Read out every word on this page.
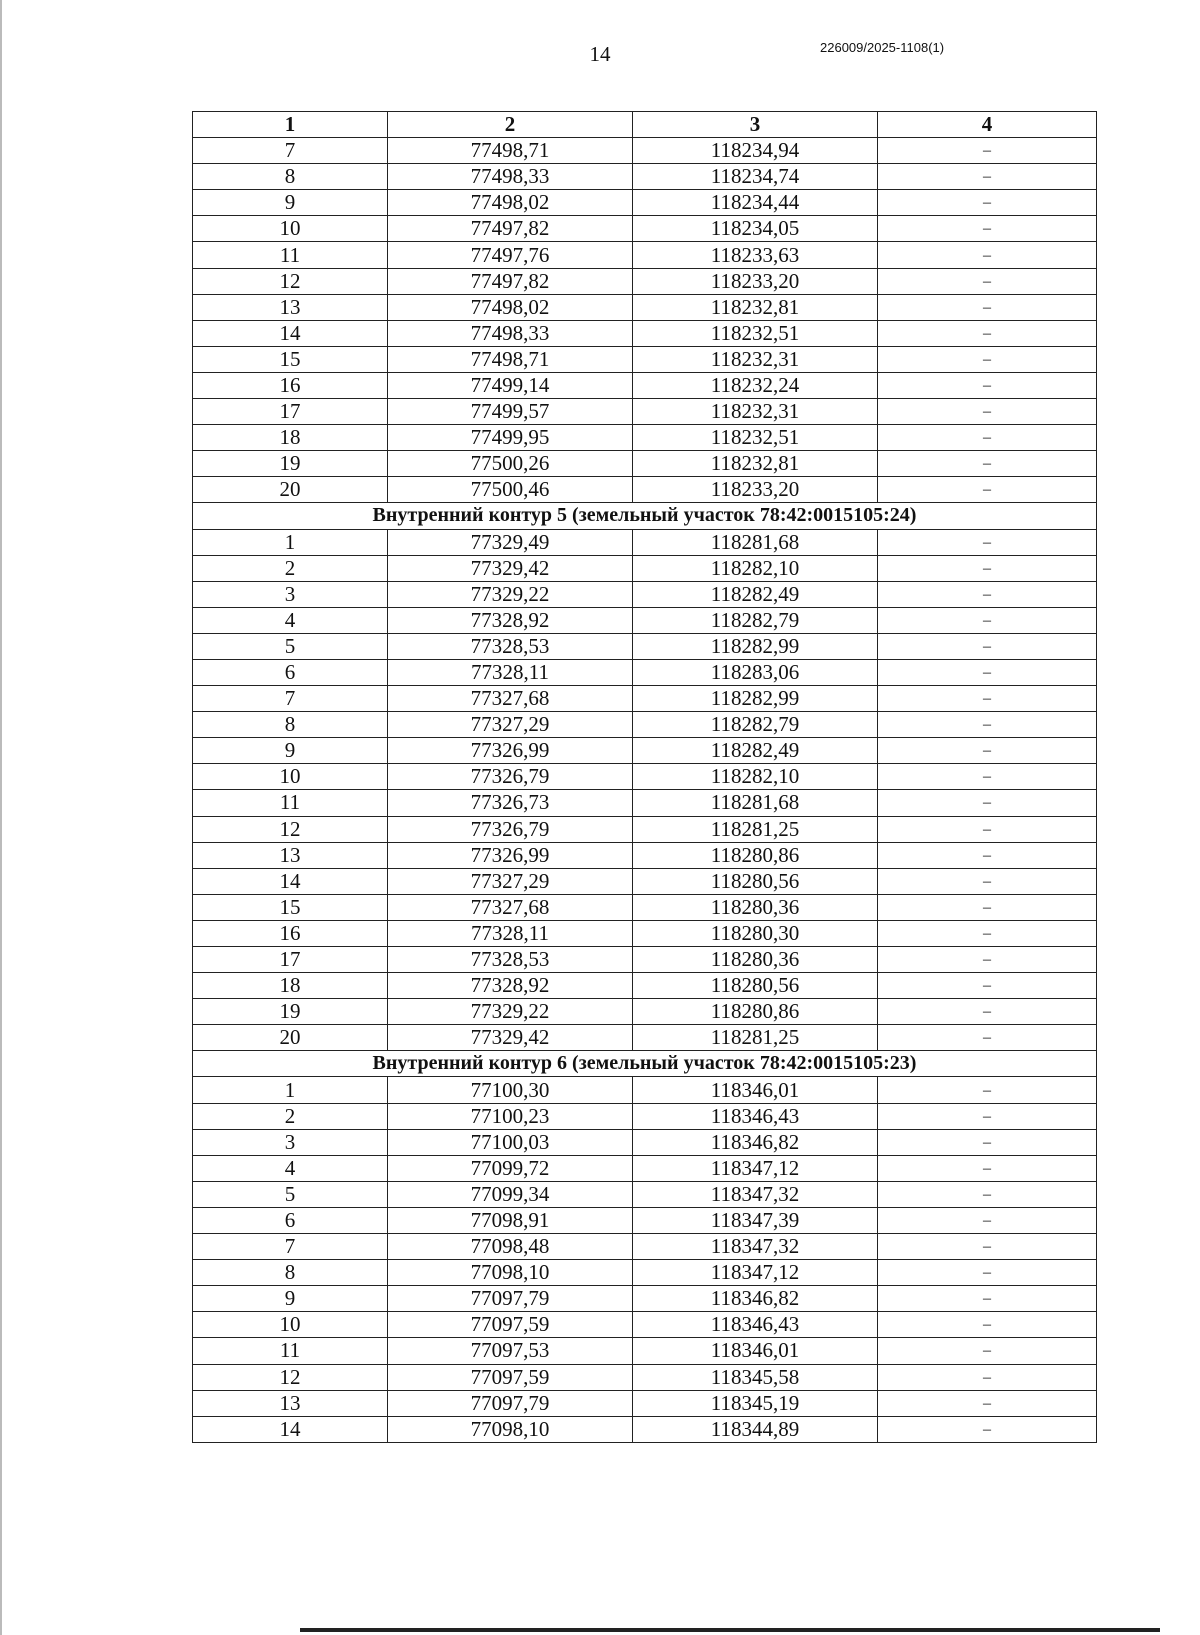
14	226009/2025-1108(1)
1	2	3	4
7	77498,71	118234,94	–
8	77498,33	118234,74	–
9	77498,02	118234,44	–
10	77497,82	118234,05	–
11	77497,76	118233,63	–
12	77497,82	118233,20	–
13	77498,02	118232,81	–
14	77498,33	118232,51	–
15	77498,71	118232,31	–
16	77499,14	118232,24	–
17	77499,57	118232,31	–
18	77499,95	118232,51	–
19	77500,26	118232,81	–
20	77500,46	118233,20	–
Внутренний контур 5 (земельный участок 78:42:0015105:24)			
1	77329,49	118281,68	–
2	77329,42	118282,10	–
3	77329,22	118282,49	–
4	77328,92	118282,79	–
5	77328,53	118282,99	–
6	77328,11	118283,06	–
7	77327,68	118282,99	–
8	77327,29	118282,79	–
9	77326,99	118282,49	–
10	77326,79	118282,10	–
11	77326,73	118281,68	–
12	77326,79	118281,25	–
13	77326,99	118280,86	–
14	77327,29	118280,56	–
15	77327,68	118280,36	–
16	77328,11	118280,30	–
17	77328,53	118280,36	–
18	77328,92	118280,56	–
19	77329,22	118280,86	–
20	77329,42	118281,25	–
Внутренний контур 6 (земельный участок 78:42:0015105:23)			
1	77100,30	118346,01	–
2	77100,23	118346,43	–
3	77100,03	118346,82	–
4	77099,72	118347,12	–
5	77099,34	118347,32	–
6	77098,91	118347,39	–
7	77098,48	118347,32	–
8	77098,10	118347,12	–
9	77097,79	118346,82	–
10	77097,59	118346,43	–
11	77097,53	118346,01	–
12	77097,59	118345,58	–
13	77097,79	118345,19	–
14	77098,10	118344,89	–
